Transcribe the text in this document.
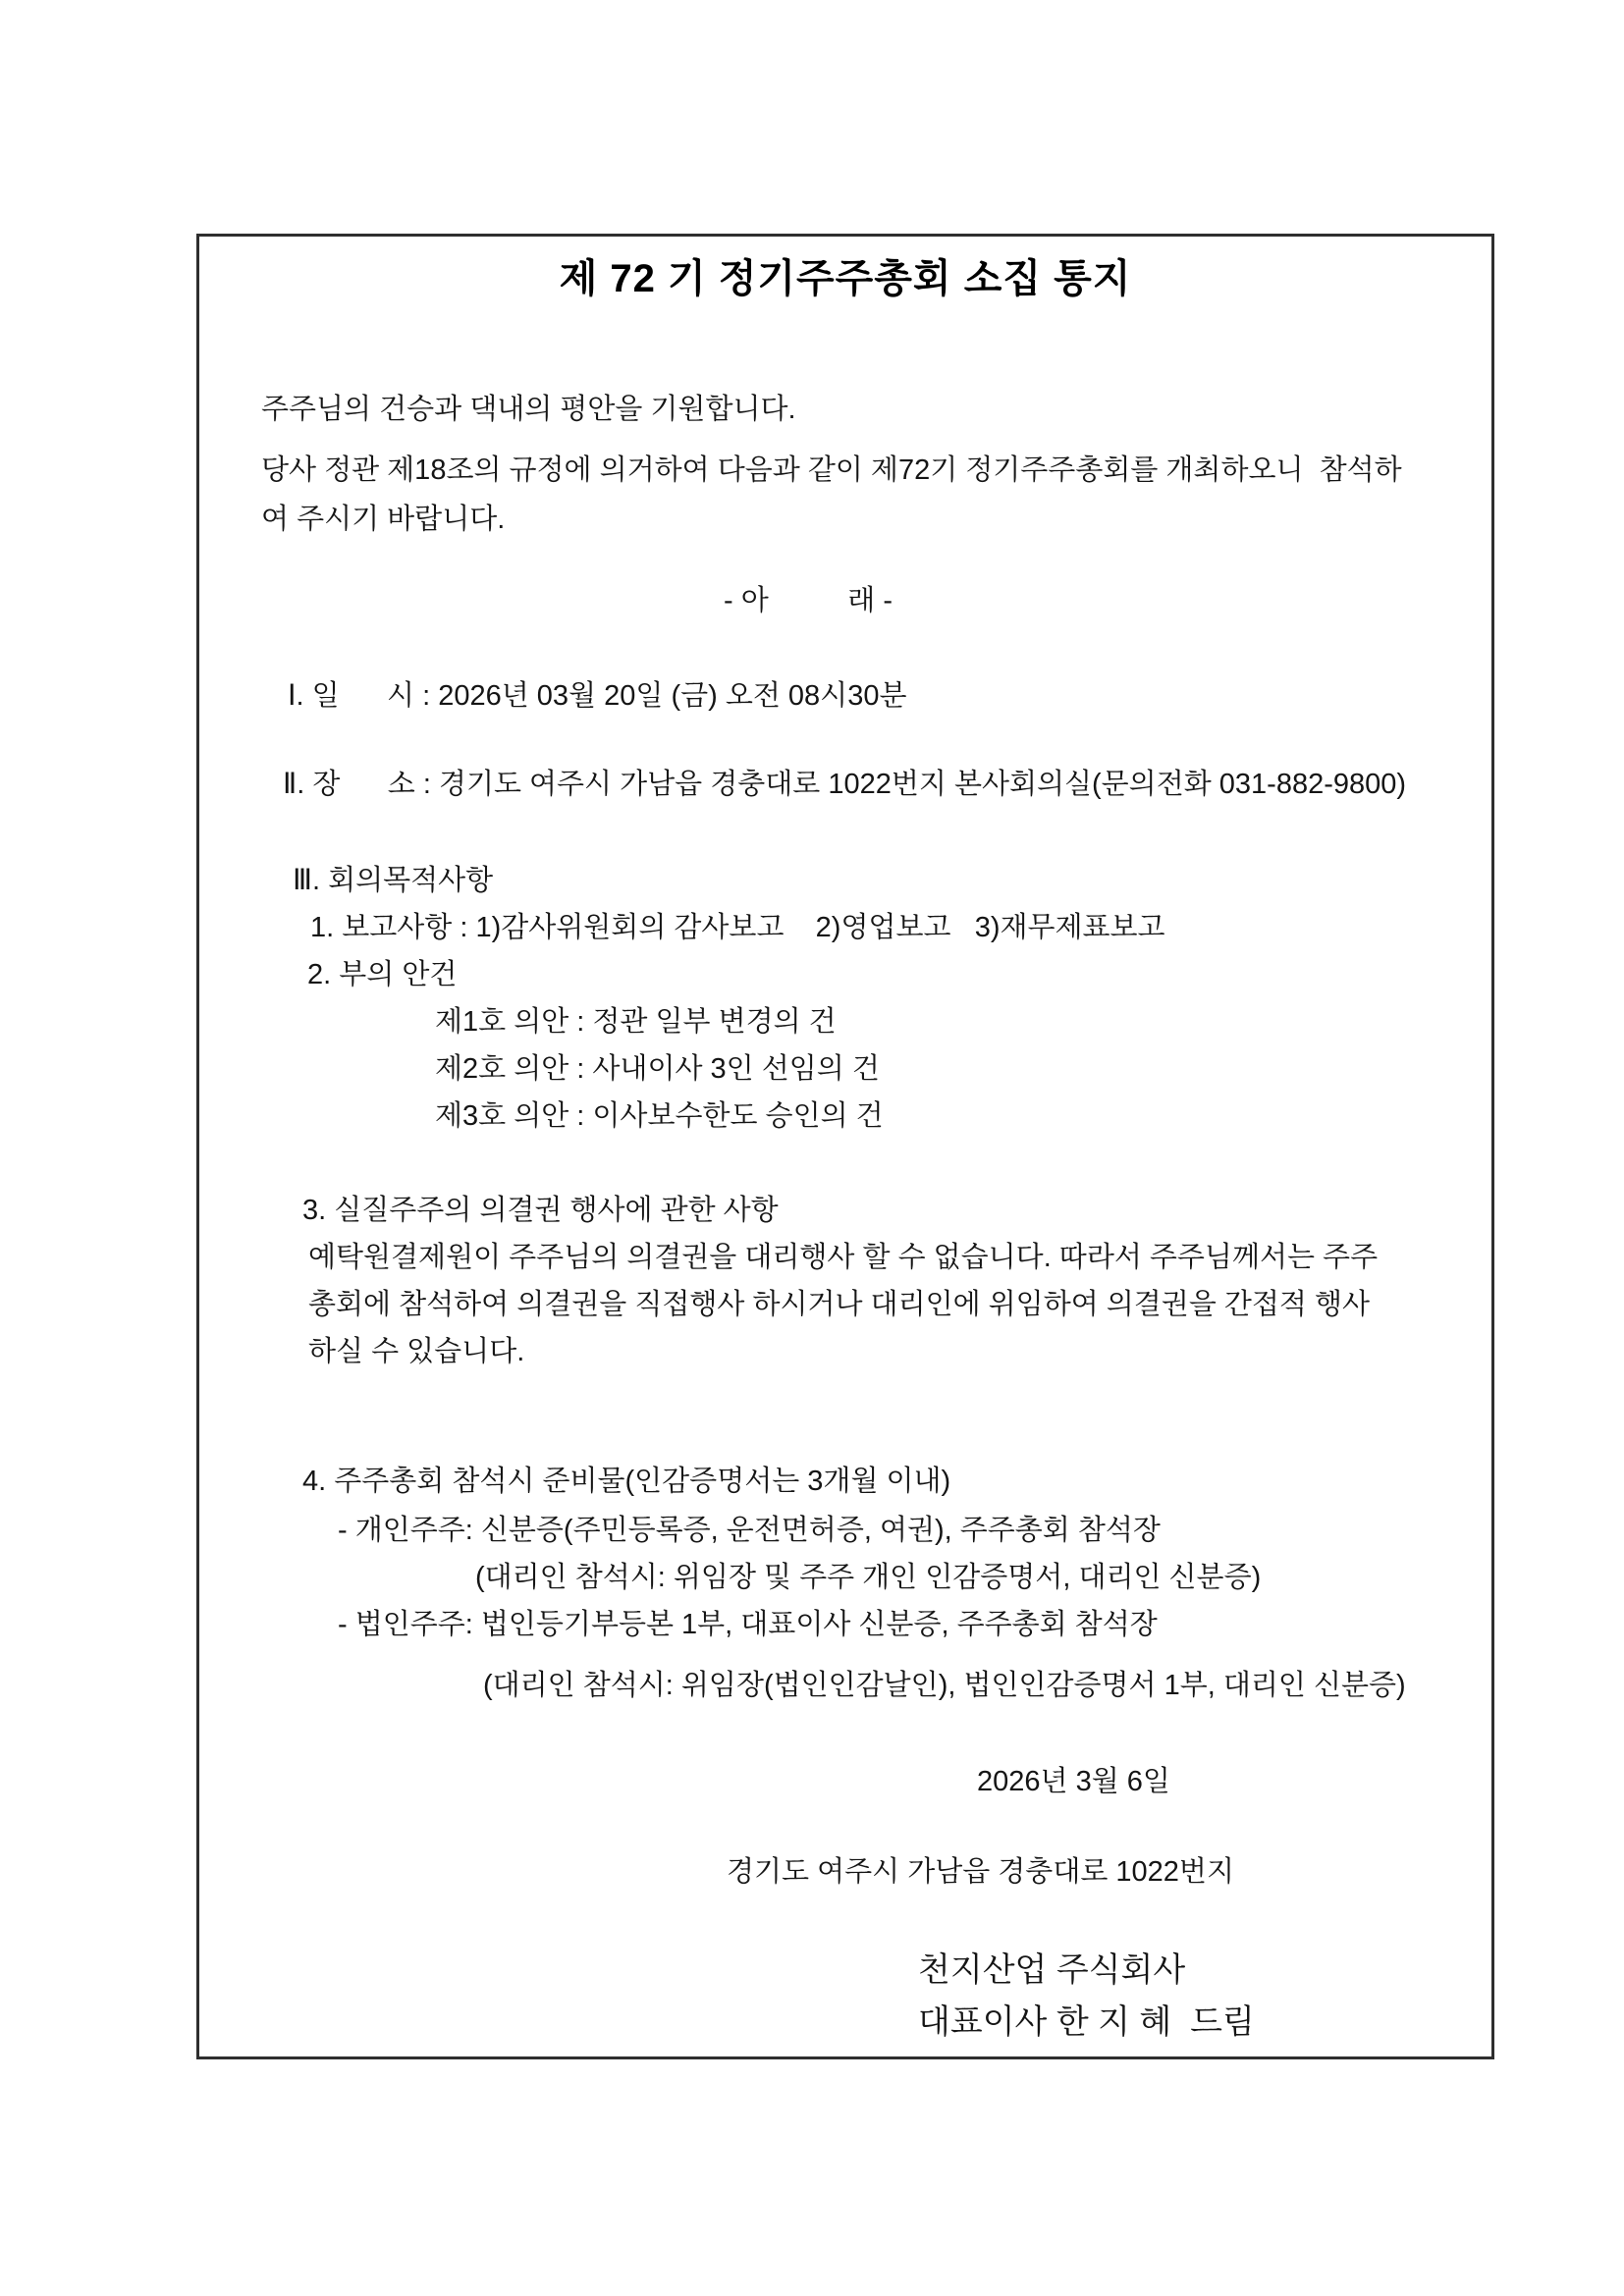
제 72 기 정기주주총회 소집 통지
주주님의 건승과 댁내의 평안을 기원합니다.
당사 정관 제18조의 규정에 의거하여 다음과 같이 제72기 정기주주총회를 개최하오니  참석하
여 주시기 바랍니다.
- 아          래 -
Ⅰ. 일      시 : 2026년 03월 20일 (금) 오전 08시30분
Ⅱ. 장      소 : 경기도 여주시 가남읍 경충대로 1022번지 본사회의실(문의전화 031-882-9800)
Ⅲ. 회의목적사항
1. 보고사항 : 1)감사위원회의 감사보고    2)영업보고   3)재무제표보고
2. 부의 안건
제1호 의안 : 정관 일부 변경의 건
제2호 의안 : 사내이사 3인 선임의 건
제3호 의안 : 이사보수한도 승인의 건
3. 실질주주의 의결권 행사에 관한 사항
예탁원결제원이 주주님의 의결권을 대리행사 할 수 없습니다. 따라서 주주님께서는 주주
총회에 참석하여 의결권을 직접행사 하시거나 대리인에 위임하여 의결권을 간접적 행사
하실 수 있습니다.
4. 주주총회 참석시 준비물(인감증명서는 3개월 이내)
- 개인주주: 신분증(주민등록증, 운전면허증, 여권), 주주총회 참석장
(대리인 참석시: 위임장 및 주주 개인 인감증명서, 대리인 신분증)
- 법인주주: 법인등기부등본 1부, 대표이사 신분증, 주주총회 참석장
(대리인 참석시: 위임장(법인인감날인), 법인인감증명서 1부, 대리인 신분증)
2026년 3월 6일
경기도 여주시 가남읍 경충대로 1022번지
천지산업 주식회사
대표이사 한 지 혜  드림
